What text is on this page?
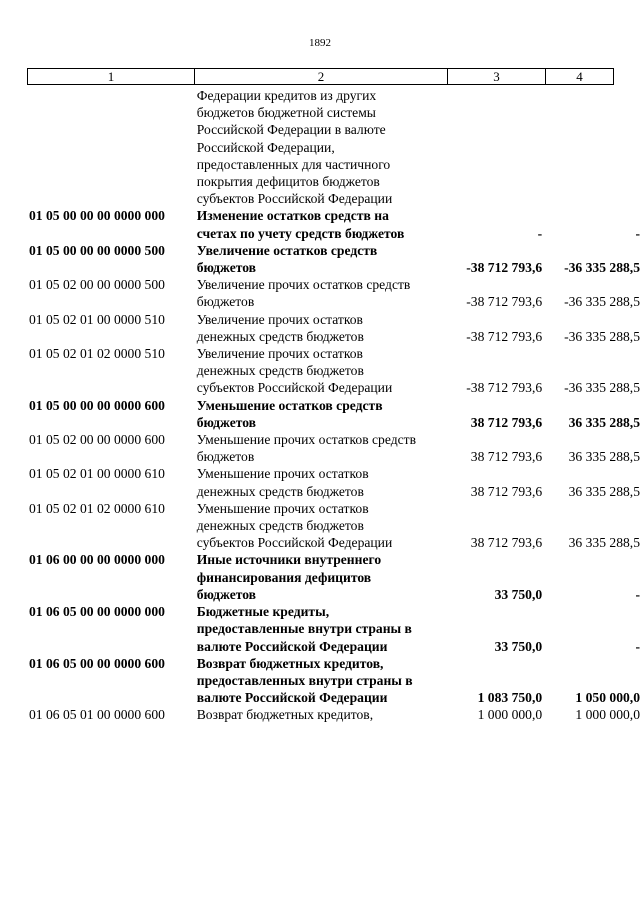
1892
1	2	3	4
Федерации кредитов из других бюджетов бюджетной системы Российской Федерации в валюте Российской Федерации, предоставленных для частичного покрытия дефицитов бюджетов субъектов Российской Федерации
01 05 00 00 00 0000 000	Изменение остатков средств на счетах по учету средств бюджетов	-	-
01 05 00 00 00 0000 500	Увеличение остатков средств бюджетов	-38 712 793,6	-36 335 288,5
01 05 02 00 00 0000 500	Увеличение прочих остатков средств бюджетов	-38 712 793,6	-36 335 288,5
01 05 02 01 00 0000 510	Увеличение прочих остатков денежных средств бюджетов	-38 712 793,6	-36 335 288,5
01 05 02 01 02 0000 510	Увеличение прочих остатков денежных средств бюджетов субъектов Российской Федерации	-38 712 793,6	-36 335 288,5
01 05 00 00 00 0000 600	Уменьшение остатков средств бюджетов	38 712 793,6	36 335 288,5
01 05 02 00 00 0000 600	Уменьшение прочих остатков средств бюджетов	38 712 793,6	36 335 288,5
01 05 02 01 00 0000 610	Уменьшение прочих остатков денежных средств бюджетов	38 712 793,6	36 335 288,5
01 05 02 01 02 0000 610	Уменьшение прочих остатков денежных средств бюджетов субъектов Российской Федерации	38 712 793,6	36 335 288,5
01 06 00 00 00 0000 000	Иные источники внутреннего финансирования дефицитов бюджетов	33 750,0	-
01 06 05 00 00 0000 000	Бюджетные кредиты, предоставленные внутри страны в валюте Российской Федерации	33 750,0	-
01 06 05 00 00 0000 600	Возврат бюджетных кредитов, предоставленных внутри страны в валюте Российской Федерации	1 083 750,0	1 050 000,0
01 06 05 01 00 0000 600	Возврат бюджетных кредитов,	1 000 000,0	1 000 000,0
